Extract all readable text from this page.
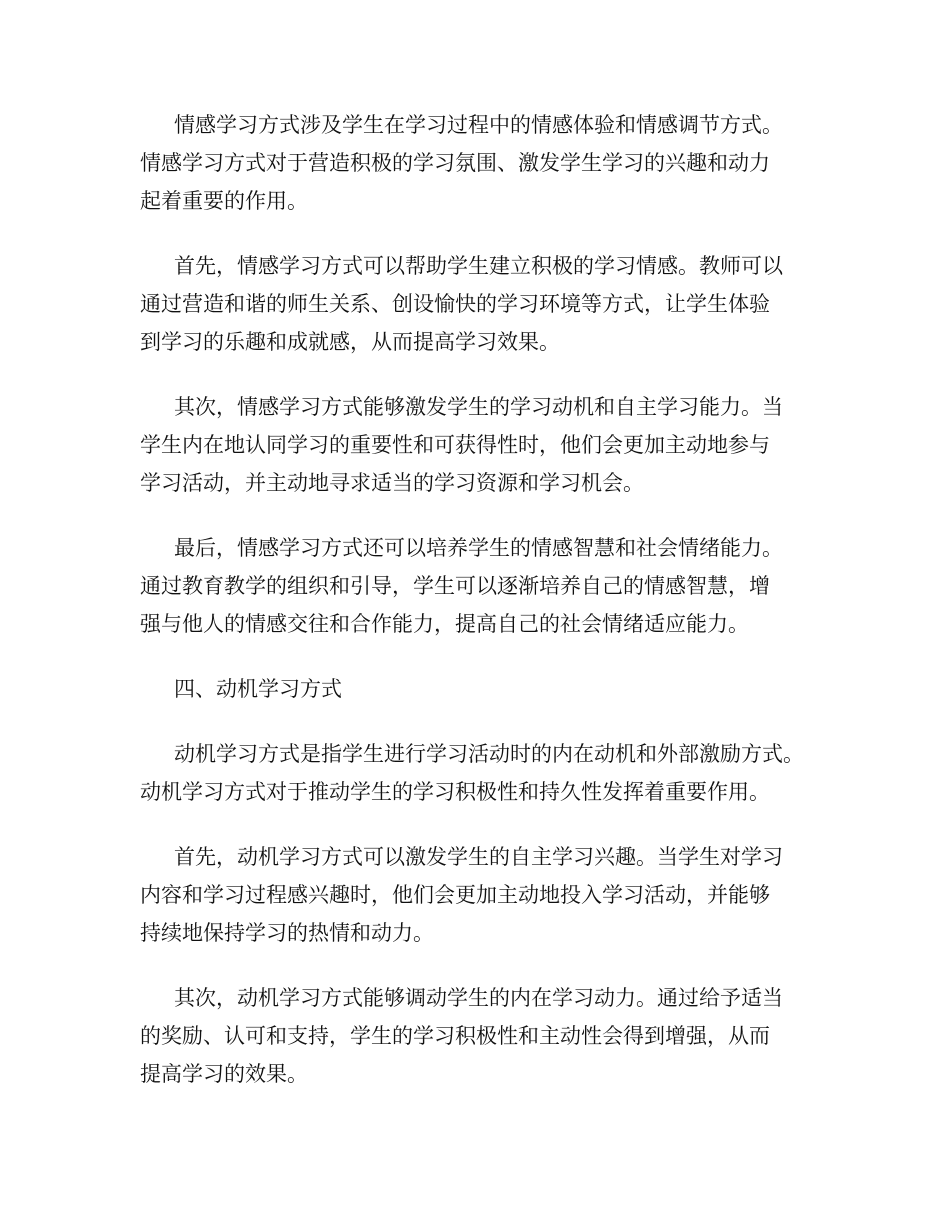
情感学习方式涉及学生在学习过程中的情感体验和情感调节方式。
情感学习方式对于营造积极的学习氛围、激发学生学习的兴趣和动力
起着重要的作用。

首先，情感学习方式可以帮助学生建立积极的学习情感。教师可以
通过营造和谐的师生关系、创设愉快的学习环境等方式，让学生体验
到学习的乐趣和成就感，从而提高学习效果。

其次，情感学习方式能够激发学生的学习动机和自主学习能力。当
学生内在地认同学习的重要性和可获得性时，他们会更加主动地参与
学习活动，并主动地寻求适当的学习资源和学习机会。

最后，情感学习方式还可以培养学生的情感智慧和社会情绪能力。
通过教育教学的组织和引导，学生可以逐渐培养自己的情感智慧，增
强与他人的情感交往和合作能力，提高自己的社会情绪适应能力。

四、动机学习方式

动机学习方式是指学生进行学习活动时的内在动机和外部激励方式。
动机学习方式对于推动学生的学习积极性和持久性发挥着重要作用。

首先，动机学习方式可以激发学生的自主学习兴趣。当学生对学习
内容和学习过程感兴趣时，他们会更加主动地投入学习活动，并能够
持续地保持学习的热情和动力。

其次，动机学习方式能够调动学生的内在学习动力。通过给予适当
的奖励、认可和支持，学生的学习积极性和主动性会得到增强，从而
提高学习的效果。
